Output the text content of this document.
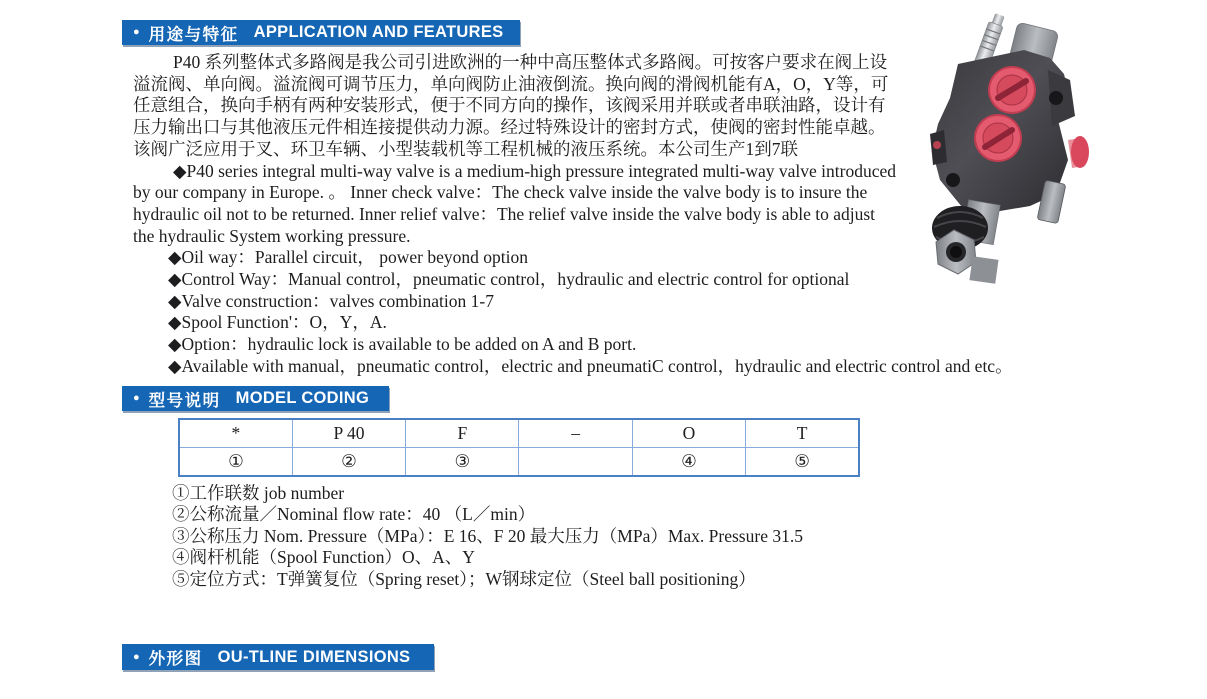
● 用途与特征 APPLICATION AND FEATURES
P40 系列整体式多路阀是我公司引进欧洲的一种中高压整体式多路阀。可按客户要求在阀上设
溢流阀、单向阀。溢流阀可调节压力，单向阀防止油液倒流。换向阀的滑阀机能有A，O，Y等，可
任意组合，换向手柄有两种安装形式，便于不同方向的操作，该阀采用并联或者串联油路，设计有
压力输出口与其他液压元件相连接提供动力源。经过特殊设计的密封方式，使阀的密封性能卓越。
该阀广泛应用于叉、环卫车辆、小型装载机等工程机械的液压系统。本公司生产1到7联
◆P40 series integral multi-way valve is a medium-high pressure integrated multi-way valve introduced
by our company in Europe. 。 Inner check valve：The check valve inside the valve body is to insure the
hydraulic oil not to be returned. Inner relief valve：The relief valve inside the valve body is able to adjust
the hydraulic System working pressure.
◆Oil way：Parallel circuit， power beyond option
◆Control Way：Manual control，pneumatic control，hydraulic and electric control for optional
◆Valve construction：valves combination 1-7
◆Spool Function'：O，Y，A.
◆Option：hydraulic lock is available to be added on A and B port.
◆Available with manual，pneumatic control，electric and pneumatiC control，hydraulic and electric control and etc。
● 型号说明 MODEL CODING
*	P 40	F	–	O	T
①	②	③		④	⑤
①工作联数 job number
②公称流量／Nominal flow rate：40 （L／min）
③公称压力 Nom. Pressure（MPa）：E 16、F 20 最大压力（MPa）Max. Pressure 31.5
④阀杆机能（Spool Function）O、A、Y
⑤定位方式：T弹簧复位（Spring reset）；W钢球定位（Steel ball positioning）
● 外形图 OU-TLINE DIMENSIONS
